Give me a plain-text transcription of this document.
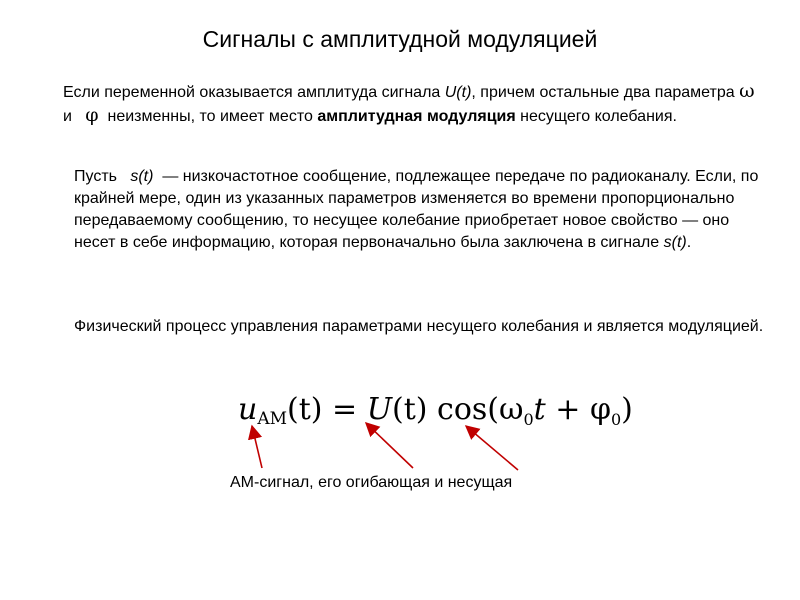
Сигналы с амплитудной модуляцией
Если переменной оказывается амплитуда сигнала U(t), причем остальные два параметра ω и   φ  неизменны, то имеет место амплитудная модуляция несущего колебания.
Пусть   s(t)  — низкочастотное сообщение, подлежащее передаче по радиоканалу. Если, по крайней мере, один из указанных параметров изменяется во времени пропорционально передаваемому сообщению, то несущее колебание приобретает новое свойство — оно несет в себе информацию, которая первоначально была заключена в сигнале s(t).
Физический процесс управления параметрами несущего колебания и является модуляцией.
$u_{AM}(t) = U(t) \cos(\omega_0t + \varphi_0)$
АМ-сигнал, его огибающая и несущая
